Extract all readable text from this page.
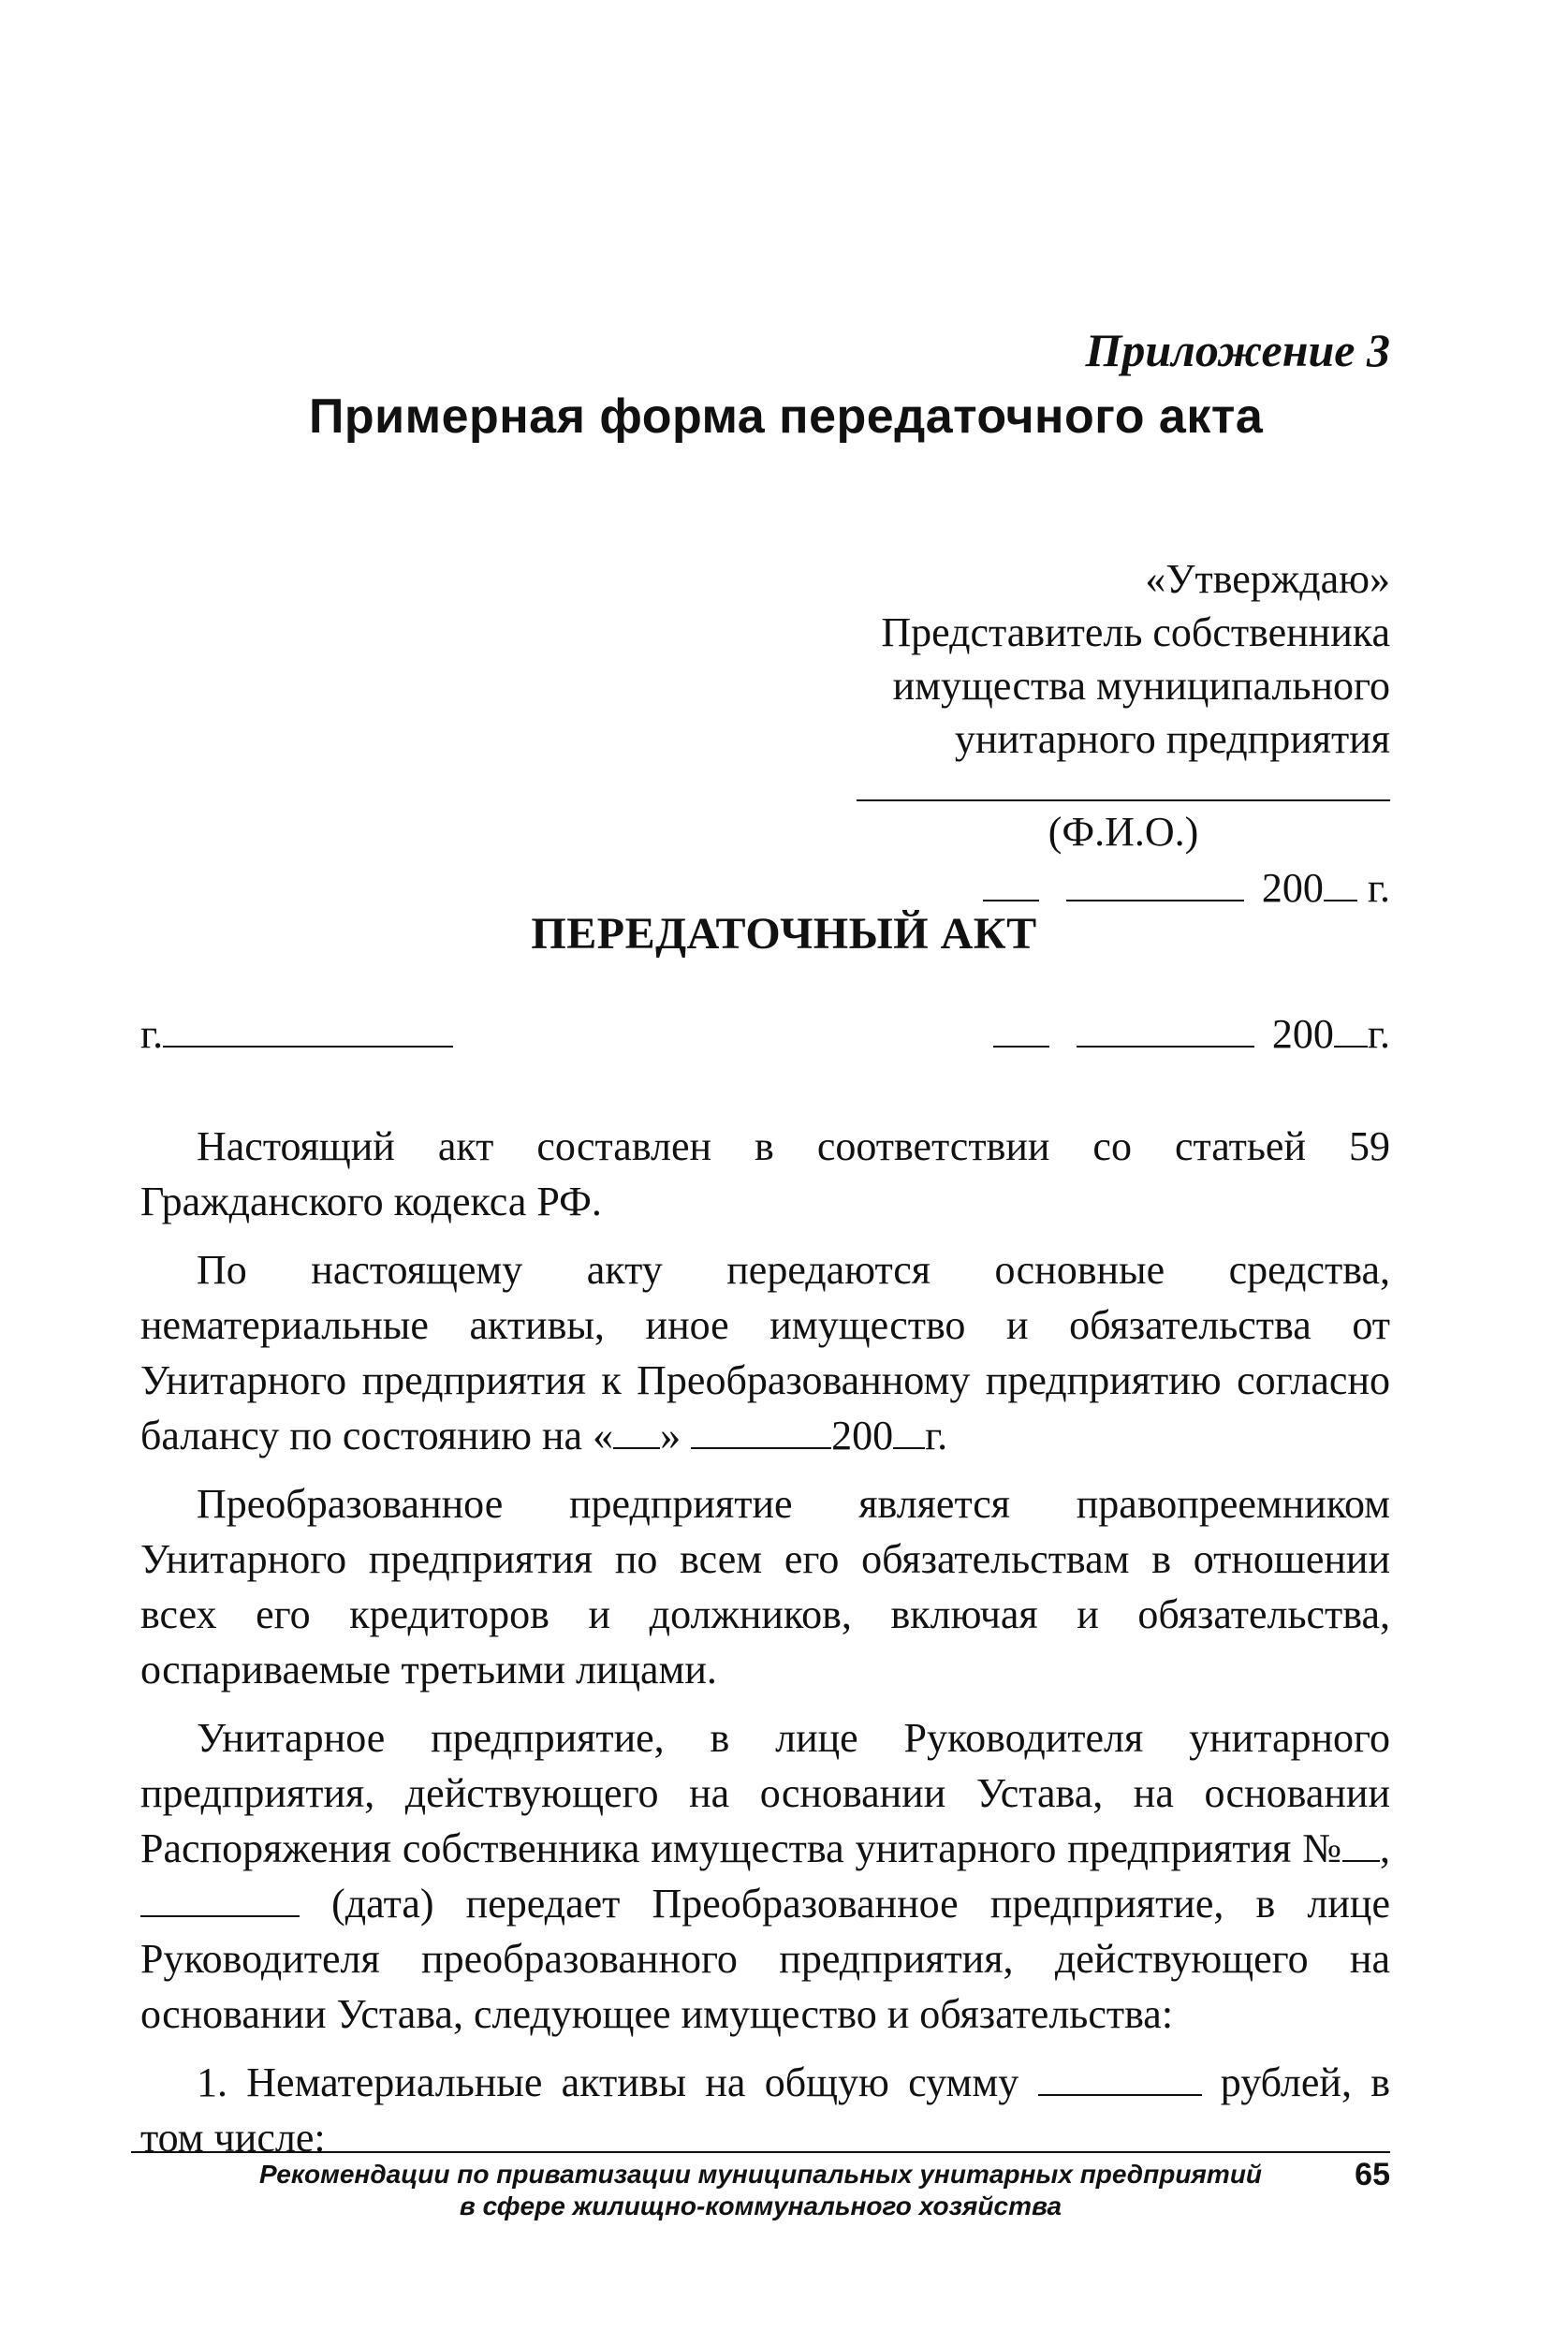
Приложение 3
Примерная форма передаточного акта
«Утверждаю»
Представитель собственника
имущества муниципального
унитарного предприятия
(Ф.И.О.)
200 г.
ПЕРЕДАТОЧНЫЙ АКТ
г.	200 г.

Настоящий акт составлен в соответствии со статьей 59 Гражданского кодекса РФ.

По настоящему акту передаются основные средства, нематериальные активы, иное имущество и обязательства от Унитарного предприятия к Преобразованному предприятию согласно балансу по состоянию на « »	200 г.

Преобразованное предприятие является правопреемником Унитарного предприятия по всем его обязательствам в отношении всех его кредиторов и должников, включая и обязательства, оспариваемые третьими лицами.

Унитарное предприятие, в лице Руководителя унитарного предприятия, действующего на основании Устава, на основании Распоряжения собственника имущества унитарного предприятия № ,  (дата) передает Преобразованное предприятие, в лице Руководителя преобразованного предприятия, действующего на основании Устава, следующее имущество и обязательства:

1. Нематериальные активы на общую сумму	рублей, в том числе:

Рекомендации по приватизации муниципальных унитарных предприятий
в сфере жилищно-коммунального хозяйства
65
